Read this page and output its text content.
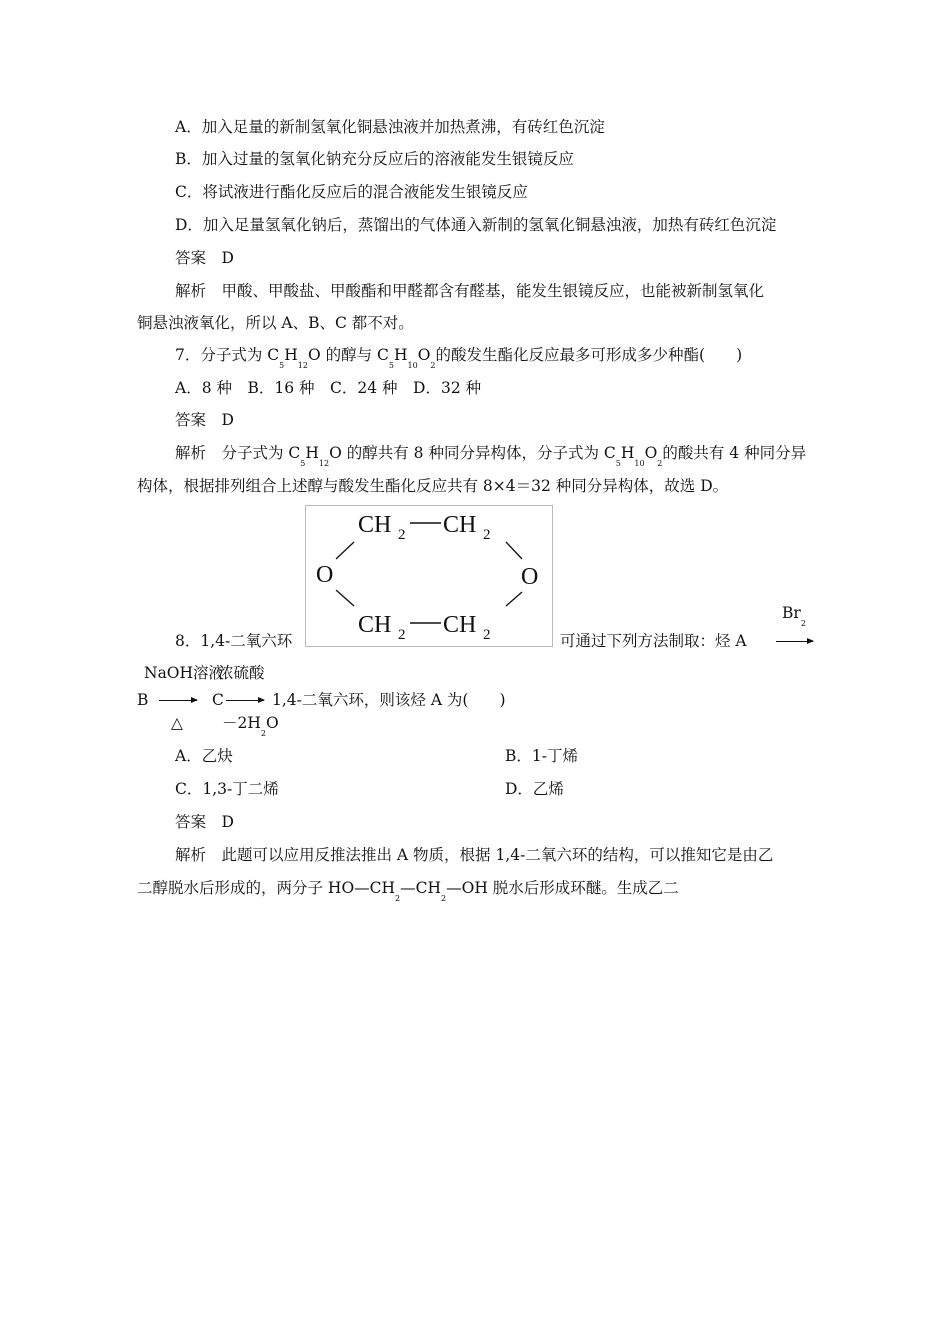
A．加入足量的新制氢氧化铜悬浊液并加热煮沸，有砖红色沉淀
B．加入过量的氢氧化钠充分反应后的溶液能发生银镜反应
C．将试液进行酯化反应后的混合液能发生银镜反应
D．加入足量氢氧化钠后，蒸馏出的气体通入新制的氢氧化铜悬浊液，加热有砖红色沉淀
答案　D
解析　甲酸、甲酸盐、甲酸酯和甲醛都含有醛基，能发生银镜反应，也能被新制氢氧化
铜悬浊液氧化，所以 A、B、C 都不对。
7．分子式为 $C_5H_{12}O$ 的醇与 $C_5H_{10}O_2$的酸发生酯化反应最多可形成多少种酯(　　)
A．8 种　B．16 种　C．24 种　D．32 种
答案　D
解析　分子式为 $C_5H_{12}O$ 的醇共有 8 种同分异构体，分子式为 $C_5H_{10}O_2$的酸共有 4 种同分异
构体，根据排列组合上述醇与酸发生酯化反应共有 8×4＝32 种同分异构体，故选 D。
CH 2 CH 2
O	O
CH 2 CH 2
8．1,4-二氧六环	可通过下列方法制取：烃 A
$Br_2$
NaOH溶液
浓硫酸
B → C → 1,4-二氧六环，则该烃 A 为(　　)
△	$-2H_2O$
A．乙炔	B．1-丁烯
C．1,3-丁二烯	D．乙烯
答案　D
解析　此题可以应用反推法推出 A 物质，根据 1,4-二氧六环的结构，可以推知它是由乙
二醇脱水后形成的，两分子 $HO—CH_2—CH_2—OH$ 脱水后形成环醚。生成乙二
